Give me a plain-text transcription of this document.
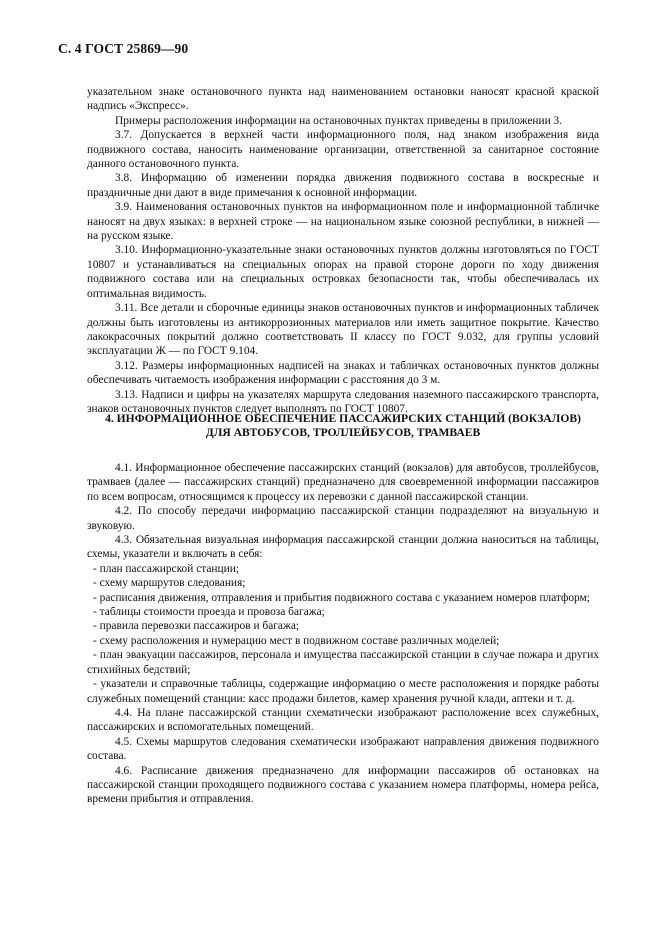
С. 4 ГОСТ 25869—90

указательном знаке остановочного пункта над наименованием остановки наносят красной краской надпись «Экспресс».

Примеры расположения информации на остановочных пунктах приведены в приложении 3.

3.7. Допускается в верхней части информационного поля, над знаком изображения вида подвижного состава, наносить наименование организации, ответственной за санитарное состояние данного остановочного пункта.

3.8. Информацию об изменении порядка движения подвижного состава в воскресные и праздничные дни дают в виде примечания к основной информации.

3.9. Наименования остановочных пунктов на информационном поле и информационной табличке наносят на двух языках: в верхней строке — на национальном языке союзной республики, в нижней — на русском языке.

3.10. Информационно-указательные знаки остановочных пунктов должны изготовляться по ГОСТ 10807 и устанавливаться на специальных опорах на правой стороне дороги по ходу движения подвижного состава или на специальных островках безопасности так, чтобы обеспечивалась их оптимальная видимость.

3.11. Все детали и сборочные единицы знаков остановочных пунктов и информационных табличек должны быть изготовлены из антикоррозионных материалов или иметь защитное покрытие. Качество лакокрасочных покрытий должно соответствовать II классу по ГОСТ 9.032, для группы условий эксплуатации Ж — по ГОСТ 9.104.

3.12. Размеры информационных надписей на знаках и табличках остановочных пунктов должны обеспечивать читаемость изображения информации с расстояния до 3 м.

3.13. Надписи и цифры на указателях маршрута следования наземного пассажирского транспорта, знаков остановочных пунктов следует выполнять по ГОСТ 10807.

4. ИНФОРМАЦИОННОЕ ОБЕСПЕЧЕНИЕ ПАССАЖИРСКИХ СТАНЦИЙ (ВОКЗАЛОВ)
ДЛЯ АВТОБУСОВ, ТРОЛЛЕЙБУСОВ, ТРАМВАЕВ

4.1. Информационное обеспечение пассажирских станций (вокзалов) для автобусов, троллейбусов, трамваев (далее — пассажирских станций) предназначено для своевременной информации пассажиров по всем вопросам, относящимся к процессу их перевозки с данной пассажирской станции.

4.2. По способу передачи информацию пассажирской станции подразделяют на визуальную и звуковую.

4.3. Обязательная визуальная информация пассажирской станции должна наноситься на таблицы, схемы, указатели и включать в себя:

- план пассажирской станции;

- схему маршрутов следования;

- расписания движения, отправления и прибытия подвижного состава с указанием номеров платформ;

- таблицы стоимости проезда и провоза багажа;

- правила перевозки пассажиров и багажа;

- схему расположения и нумерацию мест в подвижном составе различных моделей;

- план эвакуации пассажиров, персонала и имущества пассажирской станции в случае пожара и других стихийных бедствий;

- указатели и справочные таблицы, содержащие информацию о месте расположения и порядке работы служебных помещений станции: касс продажи билетов, камер хранения ручной клади, аптеки и т. д.

4.4. На плане пассажирской станции схематически изображают расположение всех служебных, пассажирских и вспомогательных помещений.

4.5. Схемы маршрутов следования схематически изображают направления движения подвижного состава.

4.6. Расписание движения предназначено для информации пассажиров об остановках на пассажирской станции проходящего подвижного состава с указанием номера платформы, номера рейса, времени прибытия и отправления.
